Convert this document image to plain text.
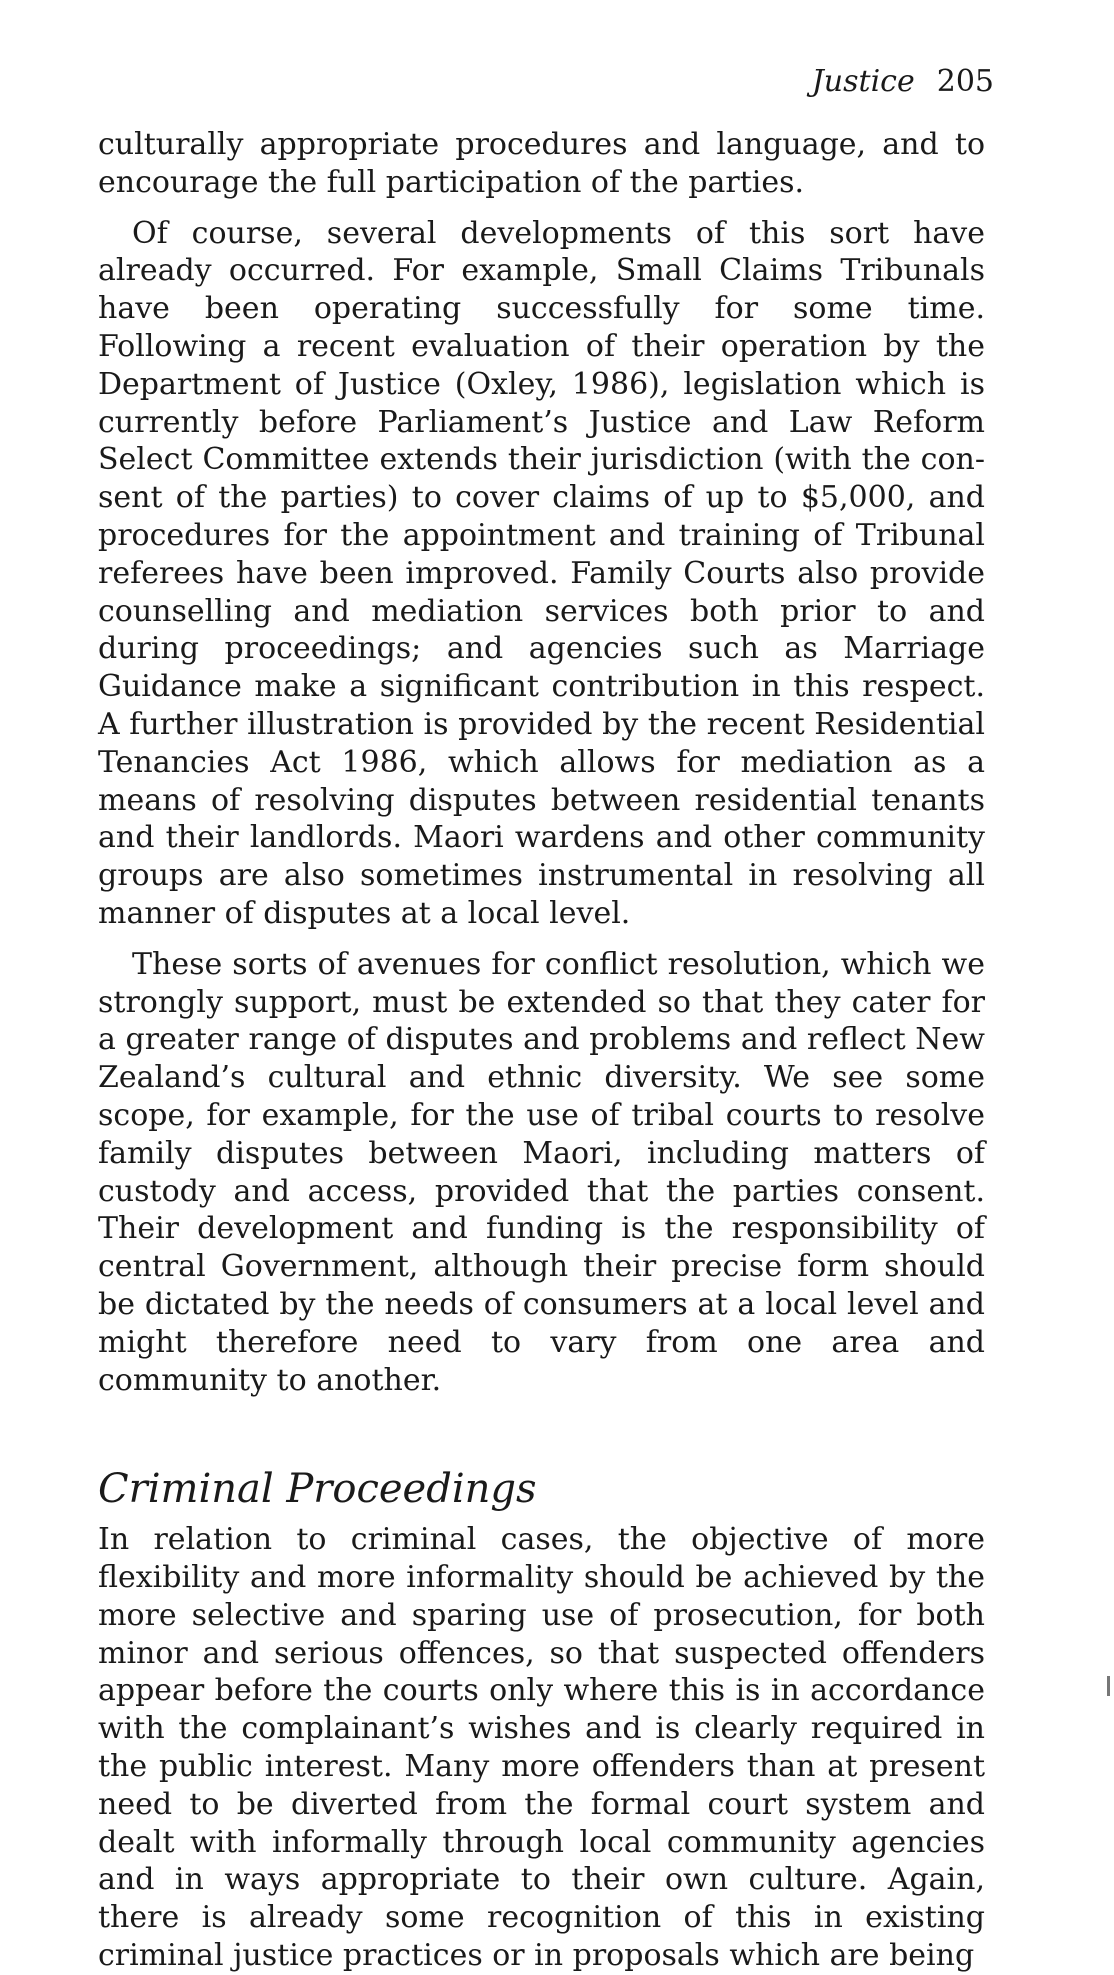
Justice 205

culturally appropriate procedures and language, and to encourage the full participation of the parties.

Of course, several developments of this sort have already occurred. For example, Small Claims Tribunals have been operating successfully for some time. Following a recent evaluation of their operation by the Department of Justice (Oxley, 1986), legislation which is currently before Parliament’s Justice and Law Reform Select Committee extends their jurisdiction (with the consent of the parties) to cover claims of up to $5,000, and procedures for the appointment and training of Tribunal referees have been improved. Family Courts also provide counselling and mediation services both prior to and during proceedings; and agencies such as Marriage Guidance make a significant contribution in this respect. A further illustration is provided by the recent Residential Tenancies Act 1986, which allows for mediation as a means of resolving disputes between residential tenants and their landlords. Maori wardens and other community groups are also sometimes instrumental in resolving all manner of disputes at a local level.

These sorts of avenues for conflict resolution, which we strongly support, must be extended so that they cater for a greater range of disputes and problems and reflect New Zealand’s cultural and ethnic diversity. We see some scope, for example, for the use of tribal courts to resolve family disputes between Maori, including matters of custody and access, provided that the parties consent. Their development and funding is the responsibility of central Government, although their precise form should be dictated by the needs of consumers at a local level and might therefore need to vary from one area and community to another.

Criminal Proceedings

In relation to criminal cases, the objective of more flexibility and more informality should be achieved by the more selective and sparing use of prosecution, for both minor and serious offences, so that suspected offenders appear before the courts only where this is in accordance with the complainant’s wishes and is clearly required in the public interest. Many more offenders than at present need to be diverted from the formal court system and dealt with informally through local community agencies and in ways appropriate to their own culture. Again, there is already some recognition of this in existing criminal justice practices or in proposals which are being
